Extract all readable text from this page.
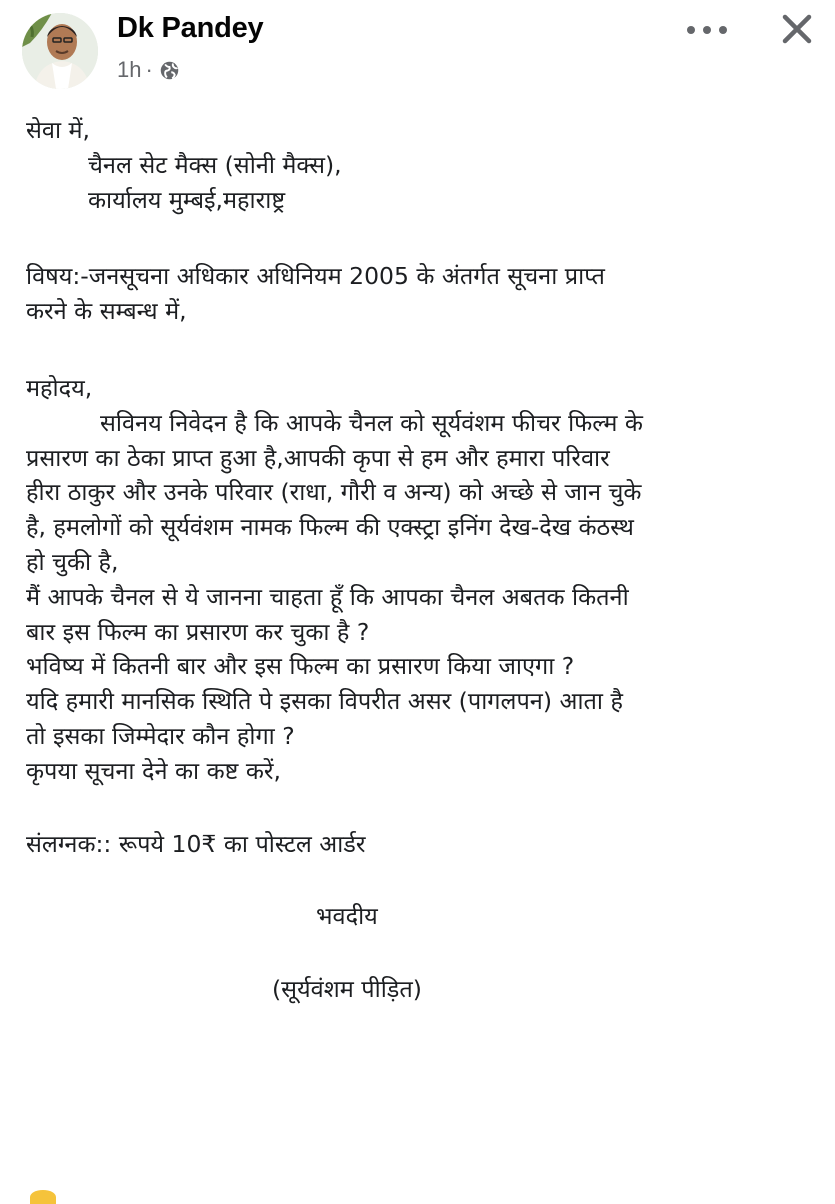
Dk Pandey
1h ·
सेवा में,
चैनल सेट मैक्स (सोनी मैक्स),
कार्यालय मुम्बई,महाराष्ट्र
विषय:-जनसूचना अधिकार अधिनियम 2005 के अंतर्गत सूचना प्राप्त
करने के सम्बन्ध में,
महोदय,
सविनय निवेदन है कि आपके चैनल को सूर्यवंशम फीचर फिल्म के
प्रसारण का ठेका प्राप्त हुआ है,आपकी कृपा से हम और हमारा परिवार
हीरा ठाकुर और उनके परिवार (राधा, गौरी व अन्य) को अच्छे से जान चुके
है, हमलोगों को सूर्यवंशम नामक फिल्म की एक्स्ट्रा इनिंग देख-देख कंठस्थ
हो चुकी है,
मैं आपके चैनल से ये जानना चाहता हूँ कि आपका चैनल अबतक कितनी
बार इस फिल्म का प्रसारण कर चुका है ?
भविष्य में कितनी बार और इस फिल्म का प्रसारण किया जाएगा ?
यदि हमारी मानसिक स्थिति पे इसका विपरीत असर (पागलपन) आता है
तो इसका जिम्मेदार कौन होगा ?
कृपया सूचना देने का कष्ट करें,
संलग्नक:: रूपये 10₹ का पोस्टल आर्डर
भवदीय
(सूर्यवंशम पीड़ित)
